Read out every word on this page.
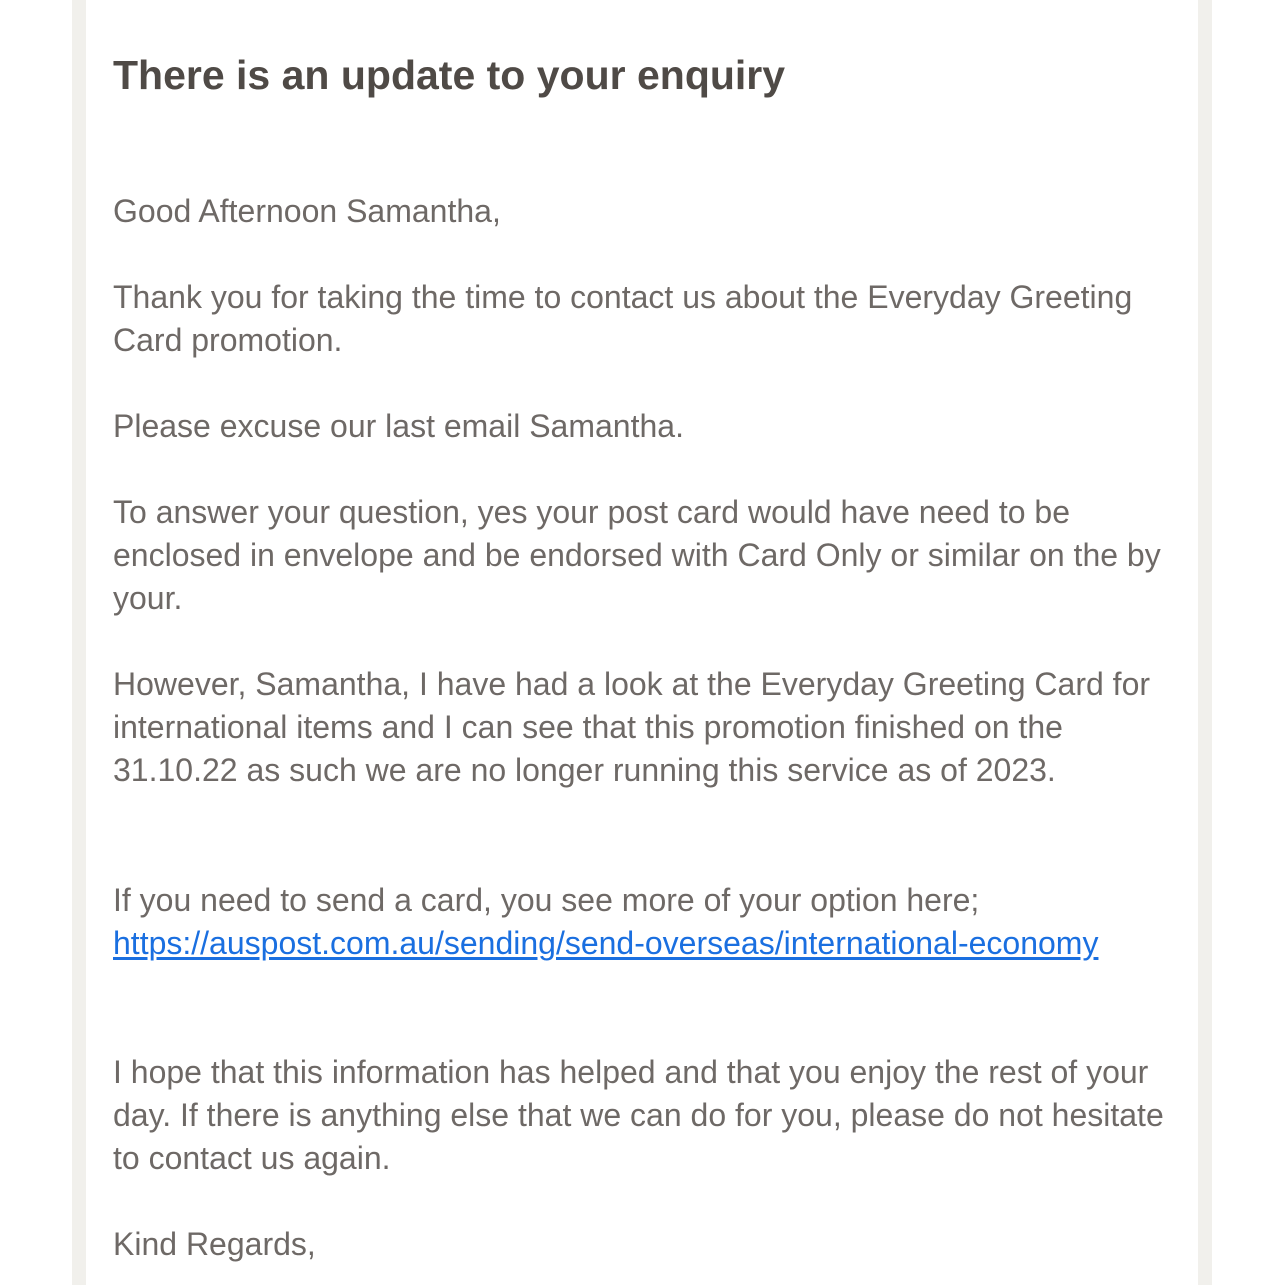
There is an update to your enquiry

Good Afternoon Samantha,

Thank you for taking the time to contact us about the Everyday Greeting Card promotion.

Please excuse our last email Samantha.

To answer your question, yes your post card would have need to be enclosed in envelope and be endorsed with Card Only or similar on the by your.

However, Samantha, I have had a look at the Everyday Greeting Card for international items and I can see that this promotion finished on the 31.10.22 as such we are no longer running this service as of 2023.

If you need to send a card, you see more of your option here;
https://auspost.com.au/sending/send-overseas/international-economy

I hope that this information has helped and that you enjoy the rest of your day. If there is anything else that we can do for you, please do not hesitate to contact us again.

Kind Regards,
